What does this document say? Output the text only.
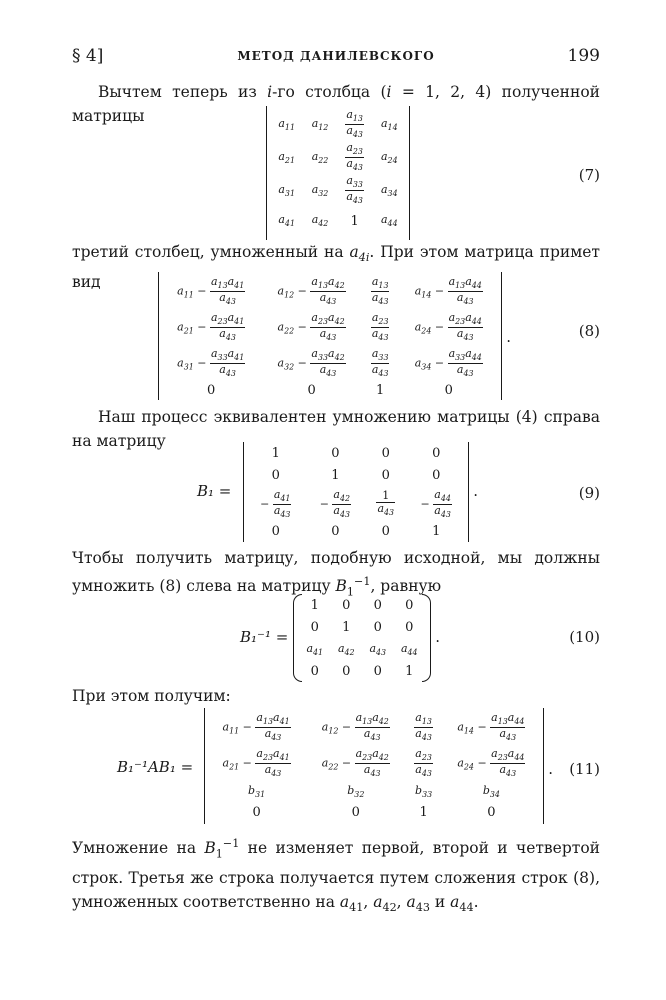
§ 4]	МЕТОД ДАНИЛЕВСКОГО	199
Вычтем теперь из i-го столбца (i = 1, 2, 4) полученной матрицы	$a_{11}$	$a_{12}$	$\frac{a_{13}}{a_{43}}$	$a_{14}$
$a_{21}$	$a_{22}$	$\frac{a_{23}}{a_{43}}$	$a_{24}$
$a_{31}$	$a_{32}$	$\frac{a_{33}}{a_{43}}$	$a_{34}$
$a_{41}$	$a_{42}$	1	$a_{44}$
(7)
третий столбец, умноженный на $a_{4i}$. При этом матрица примет вид	$a_{11} - \frac{a_{13}a_{41}}{a_{43}}$	$a_{12} - \frac{a_{13}a_{42}}{a_{43}}$	$\frac{a_{13}}{a_{43}}$	$a_{14} - \frac{a_{13}a_{44}}{a_{43}}$

$a_{21} - \frac{a_{23}a_{41}}{a_{43}}$	$a_{22} - \frac{a_{23}a_{42}}{a_{43}}$	$\frac{a_{23}}{a_{43}}$	$a_{24} - \frac{a_{23}a_{44}}{a_{43}}$

$a_{31} - \frac{a_{33}a_{41}}{a_{43}}$	$a_{32} - \frac{a_{33}a_{42}}{a_{43}}$	$\frac{a_{33}}{a_{43}}$	$a_{34} - \frac{a_{33}a_{44}}{a_{43}}$

0	0	1	0
.	(8)
Наш процесс эквивалентен умножению матрицы (4) справа на матрицу
B₁ =
1	0	0	0
0	1	0	0
− $\frac{a_{41}}{a_{43}}$	− $\frac{a_{42}}{a_{43}}$	$\frac{1}{a_{43}}$	− $\frac{a_{44}}{a_{43}}$

0	0	0	1
.	(9)
Чтобы получить матрицу, подобную исходной, мы должны умножить (8) слева на матрицу $B_1^{-1}$, равную
B₁⁻¹ =
1	0	0	0
0	1	0	0
$a_{41}$	$a_{42}$	$a_{43}$	$a_{44}$
0	0	0	1
.	(10)
При этом получим:
B₁⁻¹AB₁ =
$a_{11} - \frac{a_{13}a_{41}}{a_{43}}$	$a_{12} - \frac{a_{13}a_{42}}{a_{43}}$	$\frac{a_{13}}{a_{43}}$	$a_{14} - \frac{a_{13}a_{44}}{a_{43}}$

$a_{21} - \frac{a_{23}a_{41}}{a_{43}}$	$a_{22} - \frac{a_{23}a_{42}}{a_{43}}$	$\frac{a_{23}}{a_{43}}$	$a_{24} - \frac{a_{23}a_{44}}{a_{43}}$

$b_{31}$	$b_{32}$	$b_{33}$	$b_{34}$
0	0	1	0
. (11)
Умножение на $B_1^{-1}$ не изменяет первой, второй и четвертой строк. Третья же строка получается путем сложения строк (8), умноженных соответственно на $a_{41}$, $a_{42}$, $a_{43}$ и $a_{44}$.
